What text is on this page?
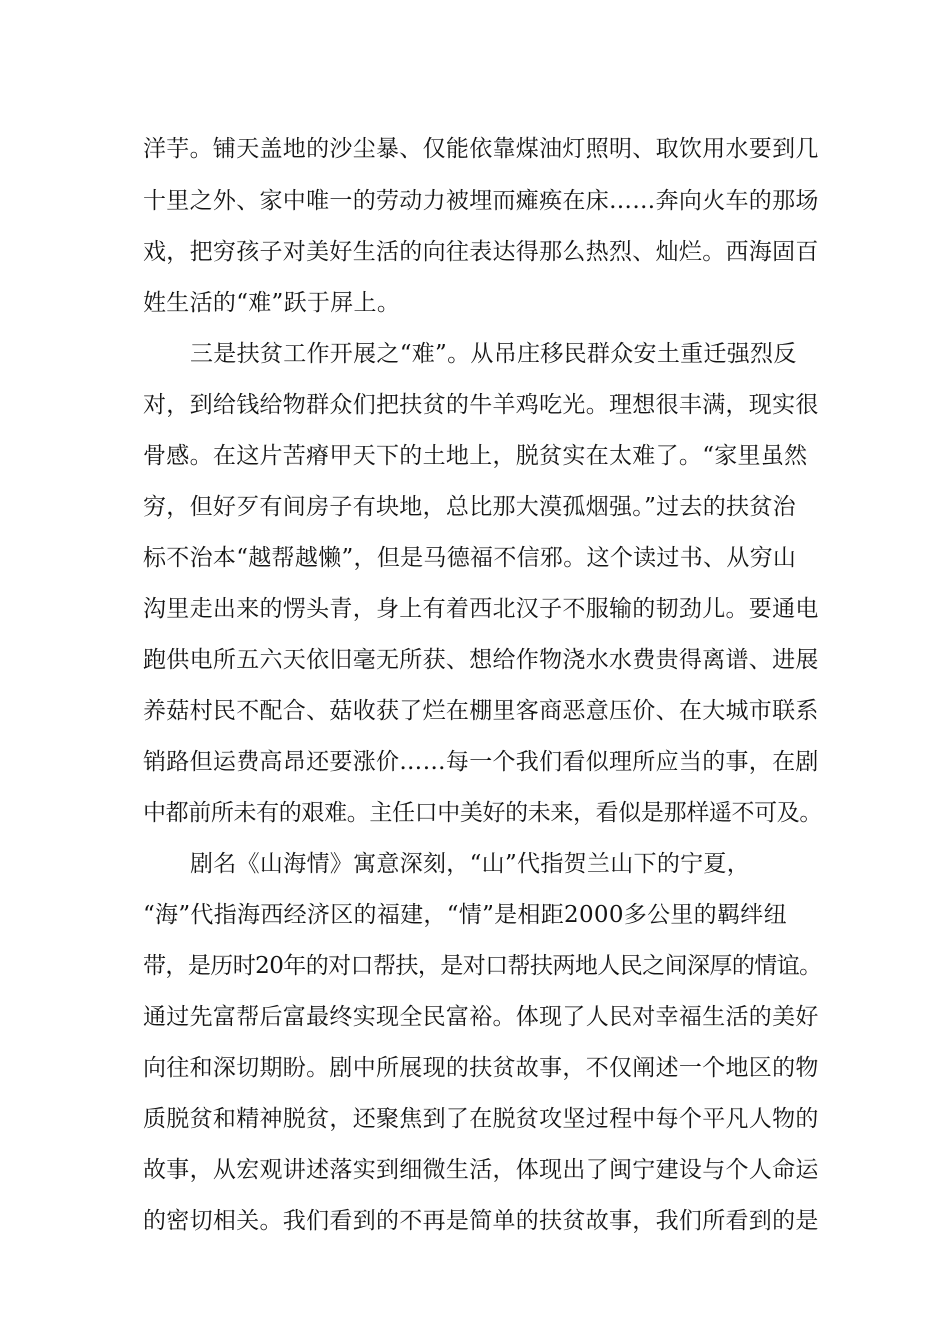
洋芋。铺天盖地的沙尘暴、仅能依靠煤油灯照明、取饮用水要到几
十里之外、家中唯一的劳动力被埋而瘫痪在床……奔向火车的那场
戏，把穷孩子对美好生活的向往表达得那么热烈、灿烂。西海固百
姓生活的“难”跃于屏上。
三是扶贫工作开展之“难”。从吊庄移民群众安土重迁强烈反
对，到给钱给物群众们把扶贫的牛羊鸡吃光。理想很丰满，现实很
骨感。在这片苦瘠甲天下的土地上，脱贫实在太难了。“家里虽然
穷，但好歹有间房子有块地，总比那大漠孤烟强。”过去的扶贫治
标不治本“越帮越懒”，但是马德福不信邪。这个读过书、从穷山
沟里走出来的愣头青，身上有着西北汉子不服输的韧劲儿。要通电
跑供电所五六天依旧毫无所获、想给作物浇水水费贵得离谱、进展
养菇村民不配合、菇收获了烂在棚里客商恶意压价、在大城市联系
销路但运费高昂还要涨价……每一个我们看似理所应当的事，在剧
中都前所未有的艰难。主任口中美好的未来，看似是那样遥不可及。
剧名《山海情》寓意深刻，“山”代指贺兰山下的宁夏，
“海”代指海西经济区的福建，“情”是相距2000多公里的羁绊纽
带，是历时20年的对口帮扶，是对口帮扶两地人民之间深厚的情谊。
通过先富帮后富最终实现全民富裕。体现了人民对幸福生活的美好
向往和深切期盼。剧中所展现的扶贫故事，不仅阐述一个地区的物
质脱贫和精神脱贫，还聚焦到了在脱贫攻坚过程中每个平凡人物的
故事，从宏观讲述落实到细微生活，体现出了闽宁建设与个人命运
的密切相关。我们看到的不再是简单的扶贫故事，我们所看到的是
